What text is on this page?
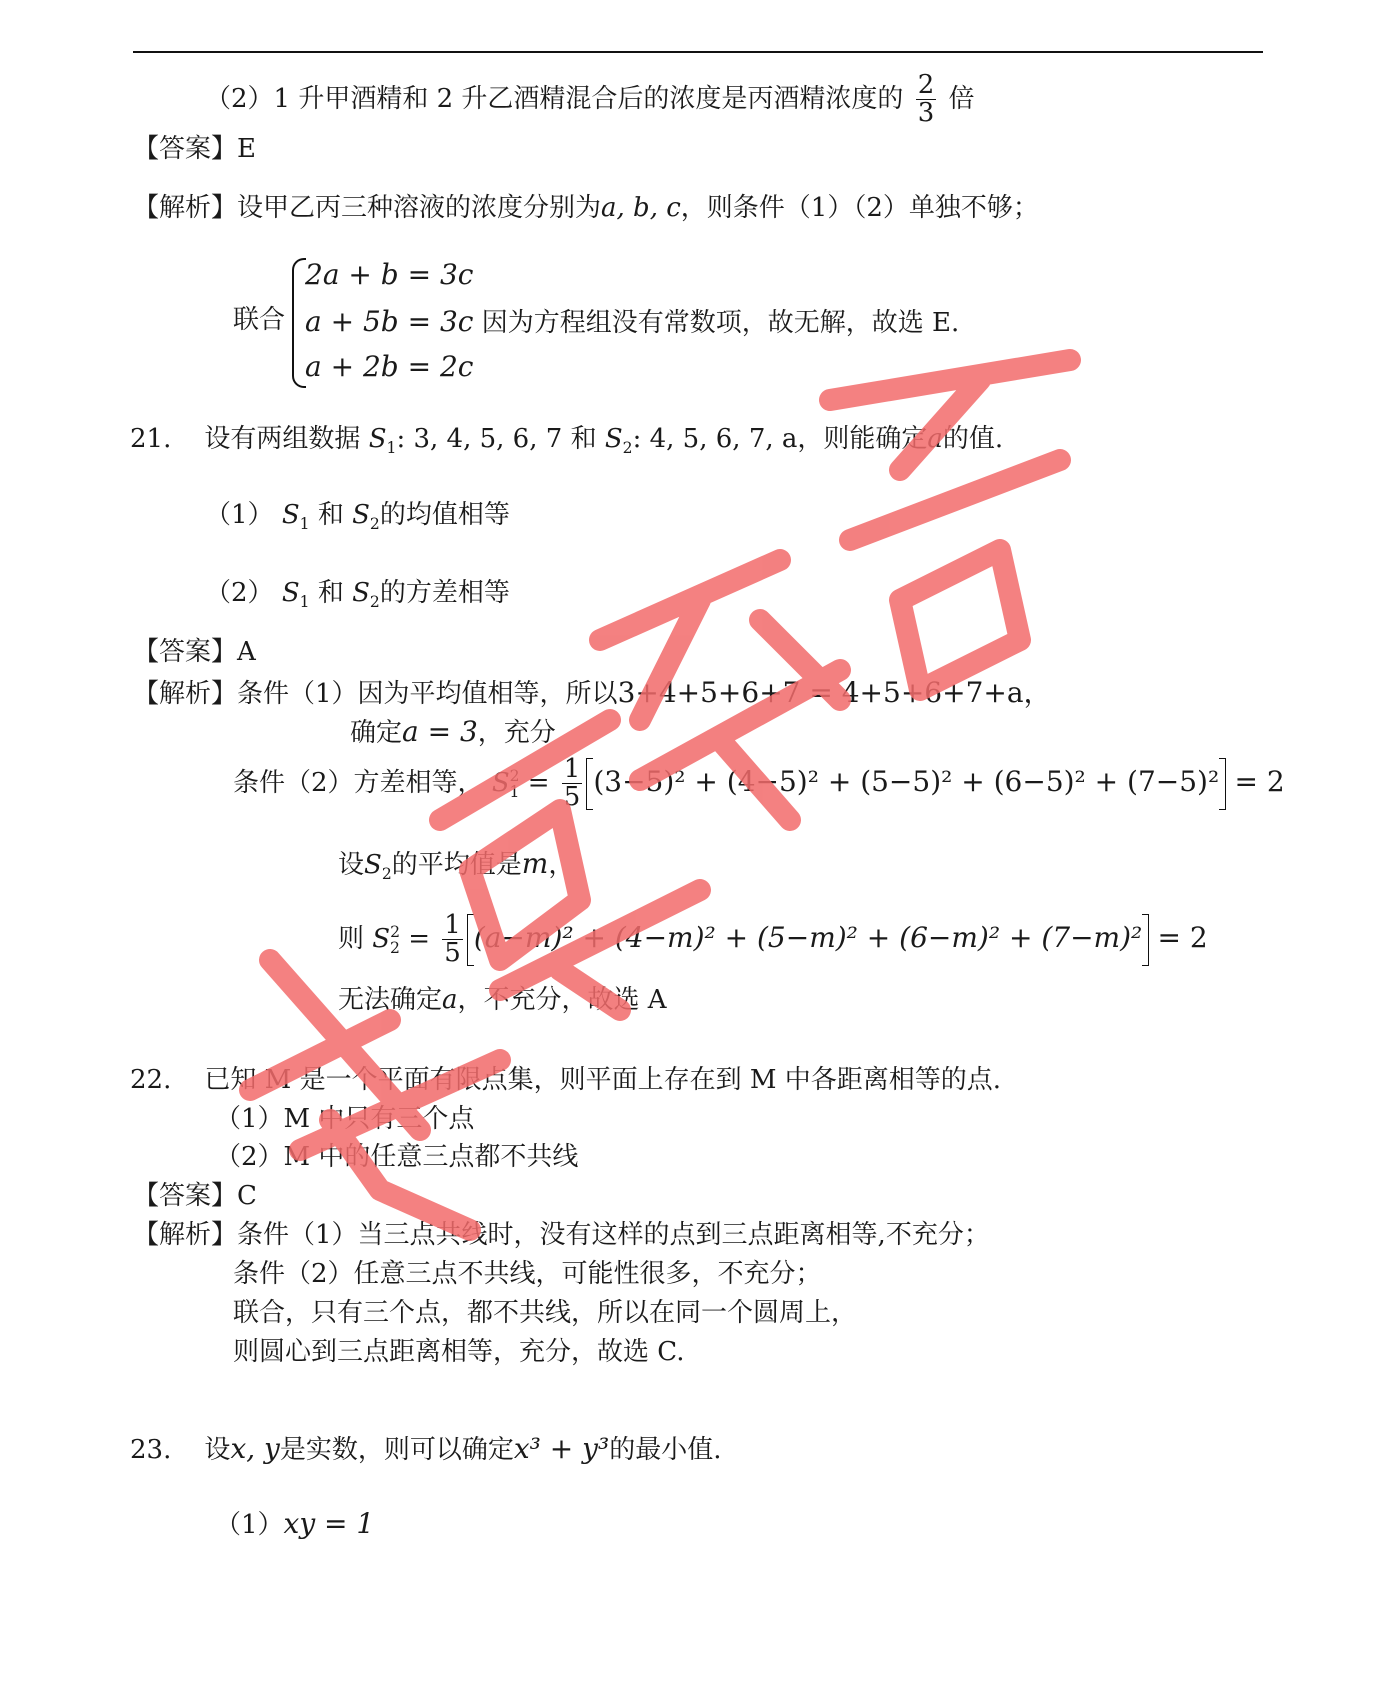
（2）1 升甲酒精和 2 升乙酒精混合后的浓度是丙酒精浓度的 $\frac{2}{3}$ 倍
【答案】E
【解析】设甲乙丙三种溶液的浓度分别为a, b, c，则条件（1）（2）单独不够；
联合
2a + b = 3c
a + 5b = 3c 因为方程组没有常数项，故无解，故选 E.
a + 2b = 2c
21. 设有两组数据 $S_1$: 3, 4, 5, 6, 7 和 $S_2$: 4, 5, 6, 7, a，则能确定a的值.
（1） $S_1$ 和 $S_2$的均值相等
（2） $S_1$ 和 $S_2$的方差相等
【答案】A
【解析】条件（1）因为平均值相等，所以3+4+5+6+7 = 4+5+6+7+a，
确定a = 3，充分
条件（2）方差相等， $S^2_1 = \frac{1}{5} (3-5)^2 + (4-5)^2 + (5-5)^2 + (6-5)^2 + (7-5)^2 = 2$
设$S_2$的平均值是m，
则 $S^2_2 = \frac{1}{5} (a-m)^2 + (4-m)^2 + (5-m)^2 + (6-m)^2 + (7-m)^2 = 2$
无法确定a，不充分，故选 A
22. 已知 M 是一个平面有限点集，则平面上存在到 M 中各距离相等的点.
（1）M 中只有三个点
（2）M 中的任意三点都不共线
【答案】C
【解析】条件（1）当三点共线时，没有这样的点到三点距离相等,不充分；
条件（2）任意三点不共线，可能性很多，不充分；
联合，只有三个点，都不共线，所以在同一个圆周上，
则圆心到三点距离相等，充分，故选 C.
23. 设x, y是实数，则可以确定x³ + y³的最小值.
（1）xy = 1
